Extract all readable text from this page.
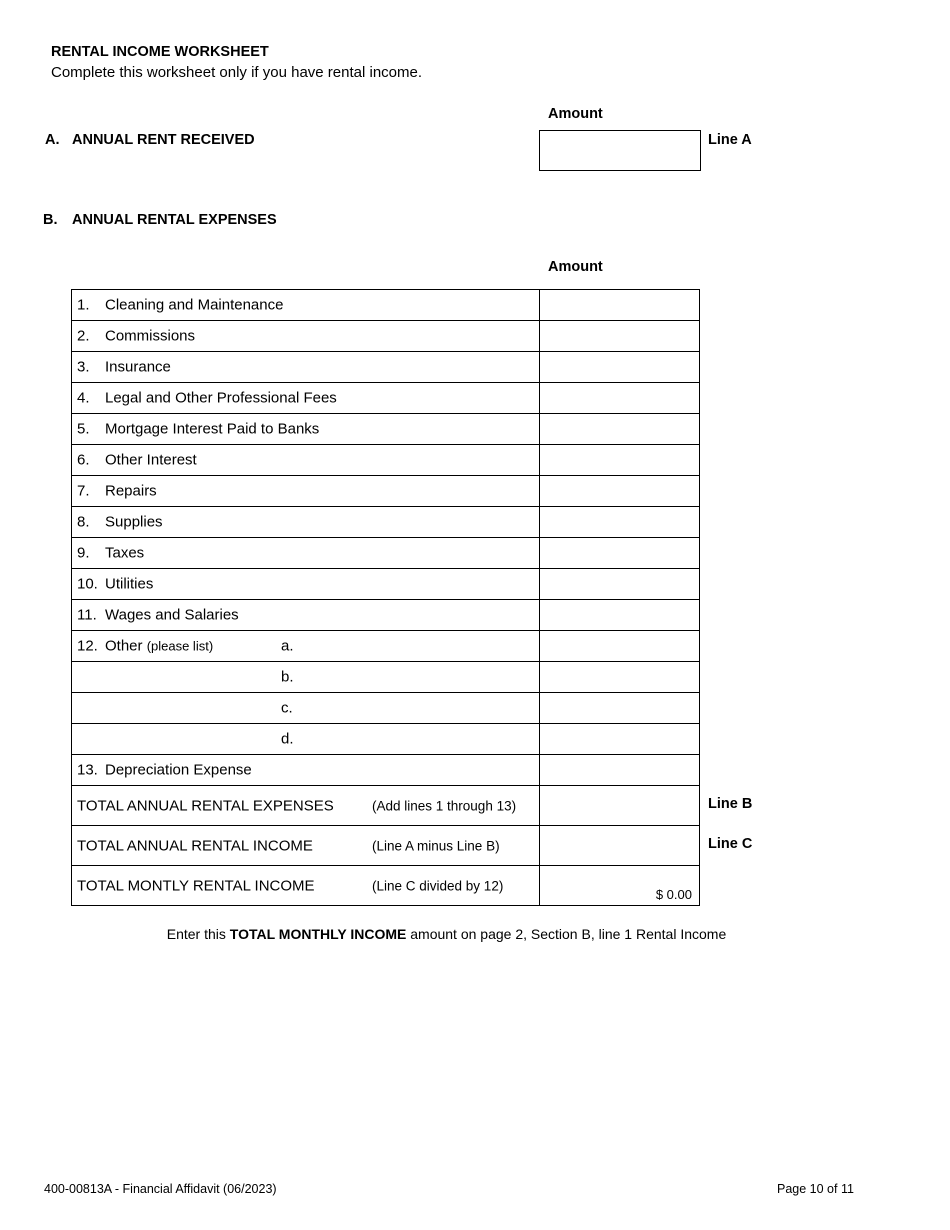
RENTAL INCOME WORKSHEET
Complete this worksheet only if you have rental income.
Amount
A. ANNUAL RENT RECEIVED	Line A
B. ANNUAL RENTAL EXPENSES
Amount
1. Cleaning and Maintenance	

2. Commissions	

3. Insurance	

4. Legal and Other Professional Fees	

5. Mortgage Interest Paid to Banks	

6. Other Interest	

7. Repairs	

8. Supplies	

9. Taxes	

10. Utilities	

11. Wages and Salaries	

12. Other (please list) a.	

b.	

c.	

d.	

13. Depreciation Expense	

TOTAL ANNUAL RENTAL EXPENSES (Add lines 1 through 13)	

TOTAL ANNUAL RENTAL INCOME (Line A minus Line B)	

TOTAL MONTLY RENTAL INCOME (Line C divided by 12)	$ 0.00
Line B
Line C
Enter this TOTAL MONTHLY INCOME amount on page 2, Section B, line 1 Rental Income
400-00813A - Financial Affidavit (06/2023)	Page 10 of 11
